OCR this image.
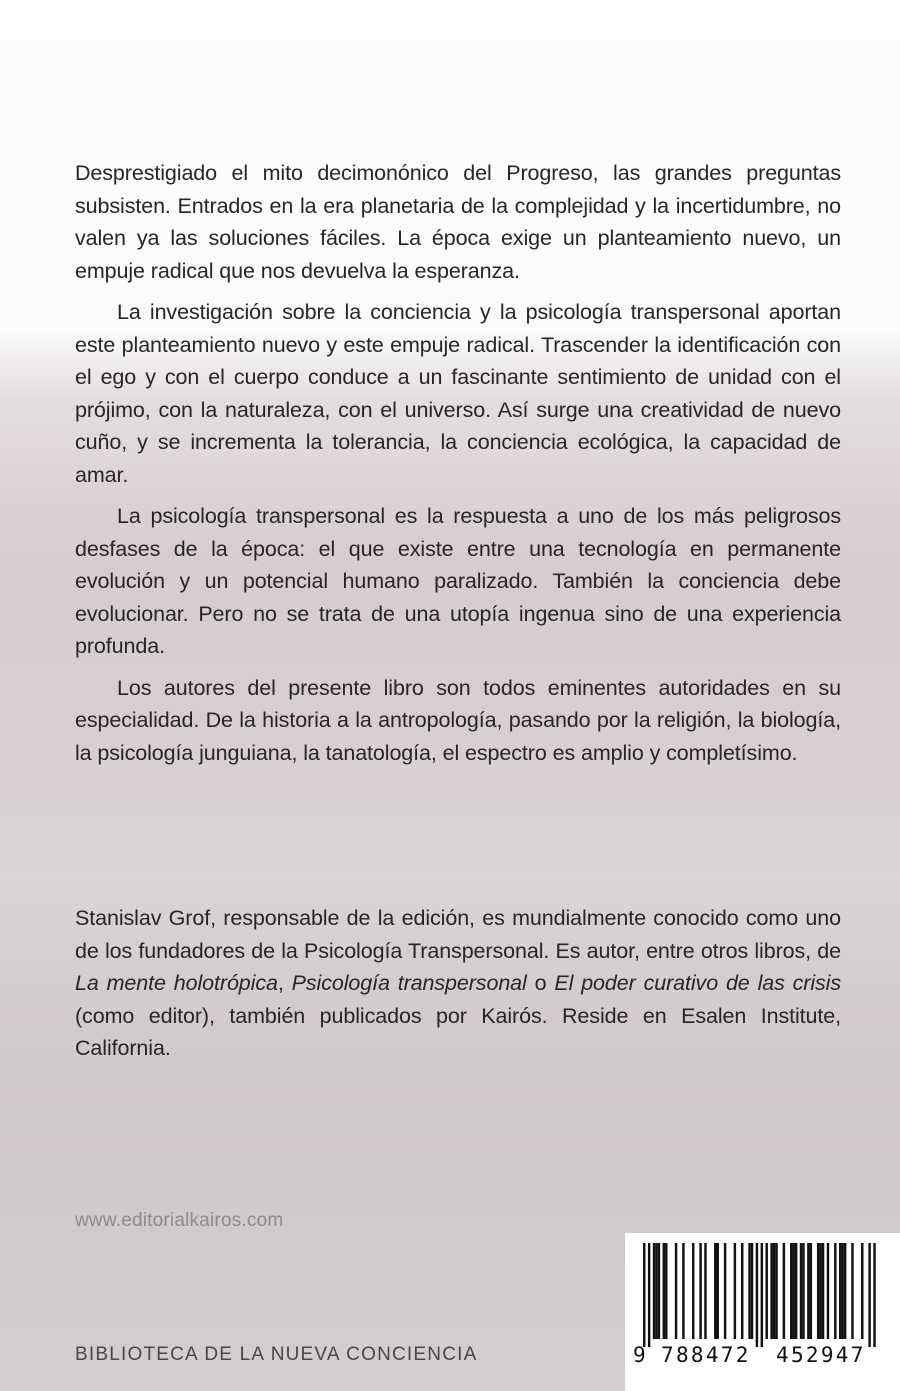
Desprestigiado el mito decimonónico del Progreso, las grandes preguntas subsisten. Entrados en la era planetaria de la complejidad y la incertidumbre, no valen ya las soluciones fáciles. La época exige un planteamiento nuevo, un empuje radical que nos devuelva la esperanza.

La investigación sobre la conciencia y la psicología transpersonal aportan este planteamiento nuevo y este empuje radical. Trascender la identificación con el ego y con el cuerpo conduce a un fascinante sentimiento de unidad con el prójimo, con la naturaleza, con el universo. Así surge una creatividad de nuevo cuño, y se incrementa la tolerancia, la conciencia ecológica, la capacidad de amar.

La psicología transpersonal es la respuesta a uno de los más peligrosos desfases de la época: el que existe entre una tecnología en permanente evolución y un potencial humano paralizado. También la conciencia debe evolucionar. Pero no se trata de una utopía ingenua sino de una experiencia profunda.

Los autores del presente libro son todos eminentes autoridades en su especialidad. De la historia a la antropología, pasando por la religión, la biología, la psicología junguiana, la tanatología, el espectro es amplio y completísimo.

Stanislav Grof, responsable de la edición, es mundialmente conocido como uno de los fundadores de la Psicología Transpersonal. Es autor, entre otros libros, de La mente holotrópica, Psicología transpersonal o El poder curativo de las crisis (como editor), también publicados por Kairós. Reside en Esalen Institute, California.

www.editorialkairos.com
BIBLIOTECA DE LA NUEVA CONCIENCIA	9 788472 452947
